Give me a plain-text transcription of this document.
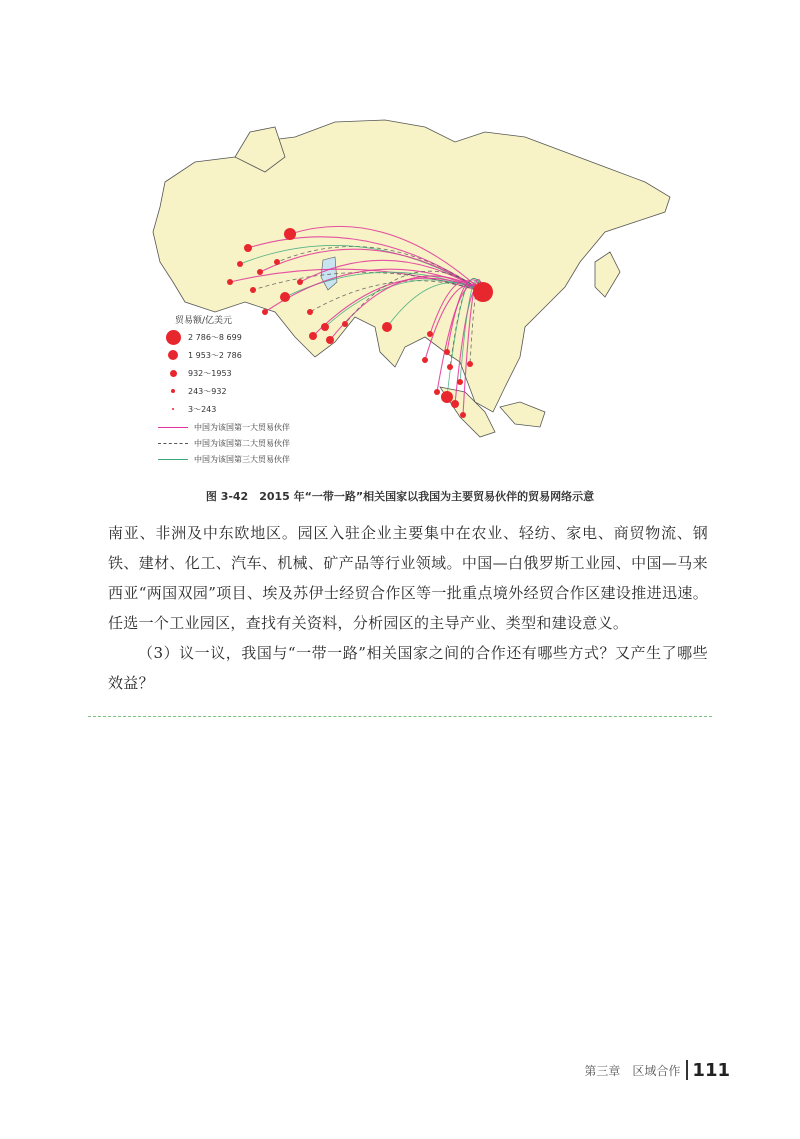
贸易额/亿美元
2 786～8 699
1 953～2 786
932～1953
243～932
3～243
中国为该国第一大贸易伙伴
中国为该国第二大贸易伙伴
中国为该国第三大贸易伙伴
图 3-42　2015 年“一带一路”相关国家以我国为主要贸易伙伴的贸易网络示意

南亚、非洲及中东欧地区。园区入驻企业主要集中在农业、轻纺、家电、商贸物流、钢铁、建材、化工、汽车、机械、矿产品等行业领域。中国—白俄罗斯工业园、中国—马来西亚“两国双园”项目、埃及苏伊士经贸合作区等一批重点境外经贸合作区建设推进迅速。任选一个工业园区，查找有关资料，分析园区的主导产业、类型和建设意义。

（3）议一议，我国与“一带一路”相关国家之间的合作还有哪些方式？又产生了哪些效益？

第三章　区域合作 111
